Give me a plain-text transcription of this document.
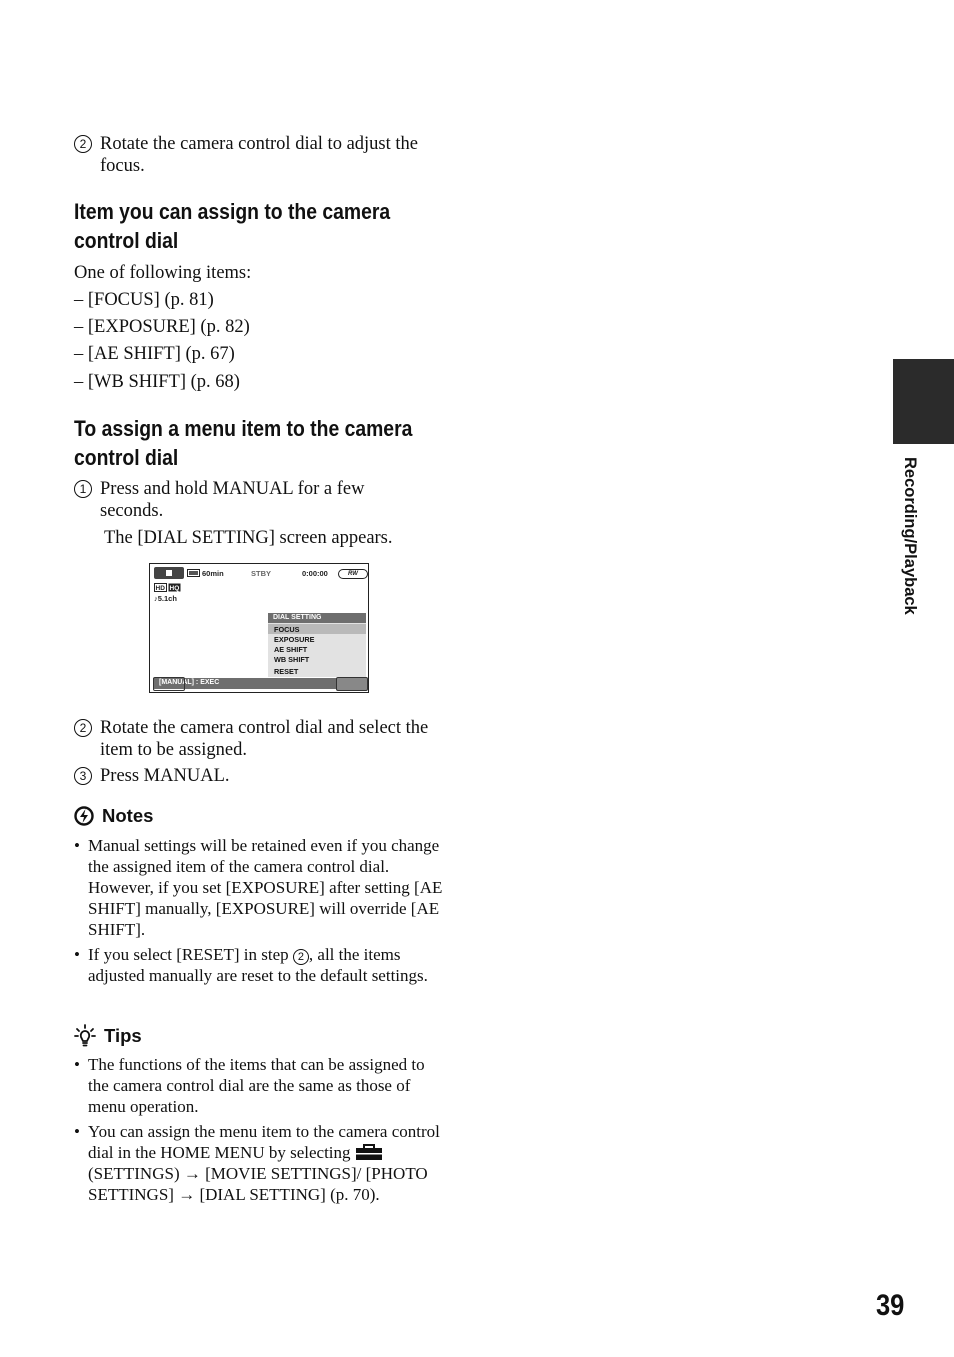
2 Rotate the camera control dial to adjust the focus.
Item you can assign to the camera control dial
One of following items:
– [FOCUS] (p. 81)
– [EXPOSURE] (p. 82)
– [AE SHIFT] (p. 67)
– [WB SHIFT] (p. 68)
To assign a menu item to the camera control dial
1 Press and hold MANUAL for a few seconds.
The [DIAL SETTING] screen appears.
60min	STBY	0:00:00	RW
HD HQ
♪5.1ch
DIAL SETTING
FOCUS
EXPOSURE
AE SHIFT
WB SHIFT
RESET
[MANUAL] : EXEC
2 Rotate the camera control dial and select the item to be assigned.
3 Press MANUAL.
Notes
• Manual settings will be retained even if you change the assigned item of the camera control dial. However, if you set [EXPOSURE] after setting [AE SHIFT] manually, [EXPOSURE] will override [AE SHIFT].
• If you select [RESET] in step 2 , all the items adjusted manually are reset to the default settings.
Tips
• The functions of the items that can be assigned to the camera control dial are the same as those of menu operation.
• You can assign the menu item to the camera control dial in the HOME MENU by selecting  (SETTINGS) → [MOVIE SETTINGS]/ [PHOTO SETTINGS] → [DIAL SETTING] (p. 70).
Recording/Playback
39
